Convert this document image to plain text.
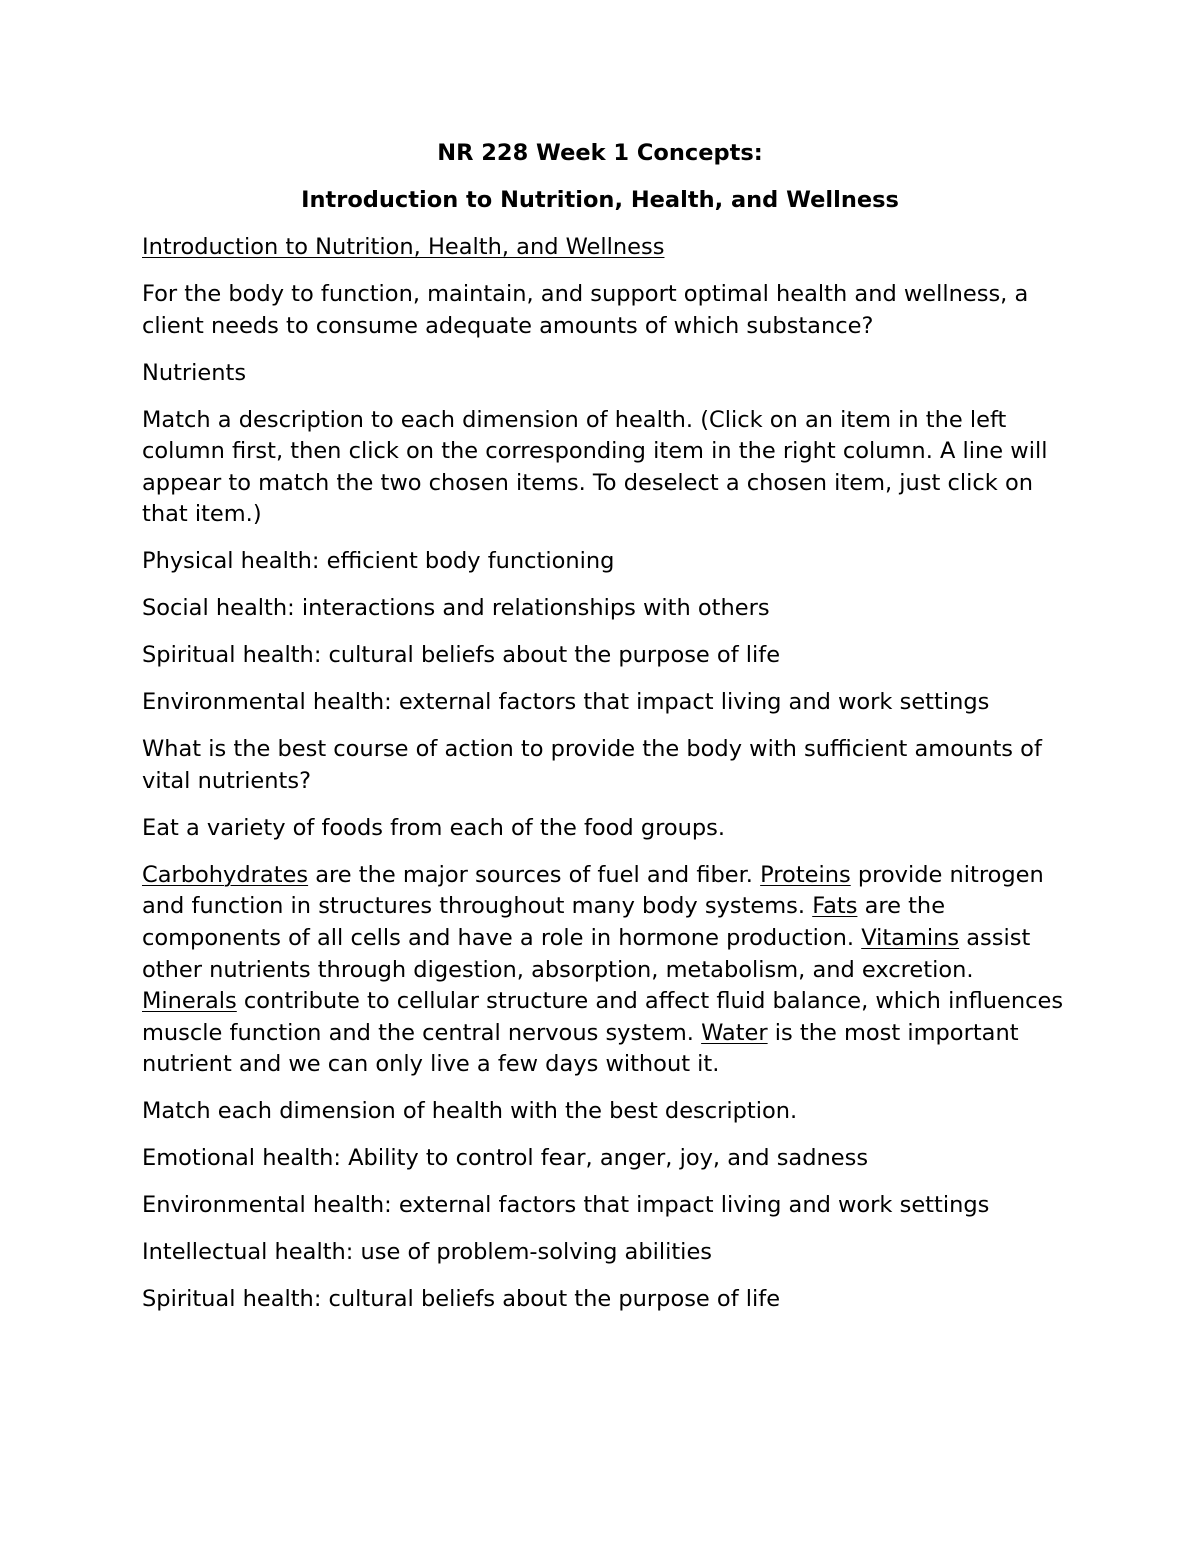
NR 228 Week 1 Concepts:

Introduction to Nutrition, Health, and Wellness

Introduction to Nutrition, Health, and Wellness

For the body to function, maintain, and support optimal health and wellness, a client needs to consume adequate amounts of which substance?

Nutrients

Match a description to each dimension of health. (Click on an item in the left column first, then click on the corresponding item in the right column. A line will appear to match the two chosen items. To deselect a chosen item, just click on that item.)

Physical health: efficient body functioning

Social health: interactions and relationships with others

Spiritual health: cultural beliefs about the purpose of life

Environmental health: external factors that impact living and work settings

What is the best course of action to provide the body with sufficient amounts of vital nutrients?

Eat a variety of foods from each of the food groups.

Carbohydrates are the major sources of fuel and fiber. Proteins provide nitrogen and function in structures throughout many body systems. Fats are the components of all cells and have a role in hormone production. Vitamins assist other nutrients through digestion, absorption, metabolism, and excretion. Minerals contribute to cellular structure and affect fluid balance, which influences muscle function and the central nervous system. Water is the most important nutrient and we can only live a few days without it.

Match each dimension of health with the best description.

Emotional health: Ability to control fear, anger, joy, and sadness

Environmental health: external factors that impact living and work settings

Intellectual health: use of problem-solving abilities

Spiritual health: cultural beliefs about the purpose of life
